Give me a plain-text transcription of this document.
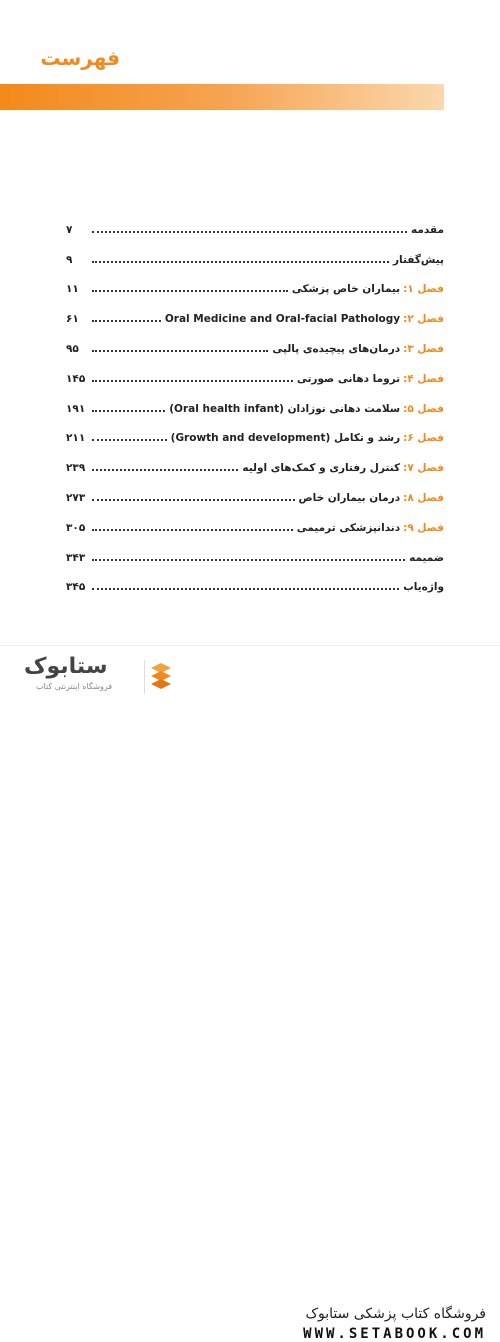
فهرست
مقدمه
۷
پیش‌گفتار
۹
فصل ۱:
بیماران خاص پزشکی
۱۱
فصل ۲:
Oral Medicine and Oral-facial Pathology
۶۱
فصل ۳:
درمان‌های پیچیده‌ی پالپی
۹۵
فصل ۴:
تروما دهانی صورتی
۱۴۵
فصل ۵:
سلامت دهانی نوزادان (Oral health infant)
۱۹۱
فصل ۶:
رشد و تکامل (Growth and development)
۲۱۱
فصل ۷:
کنترل رفتاری و کمک‌های اولیه
۲۳۹
فصل ۸:
درمان بیماران خاص
۲۷۳
فصل ۹:
دندانپزشکی ترمیمی
۳۰۵
ضمیمه
۳۴۳
واژه‌یاب
۳۴۵
ستابوک
فروشگاه اینترنتی کتاب
فروشگاه کتاب پزشکی ستابوک
WWW.SETABOOK.COM
